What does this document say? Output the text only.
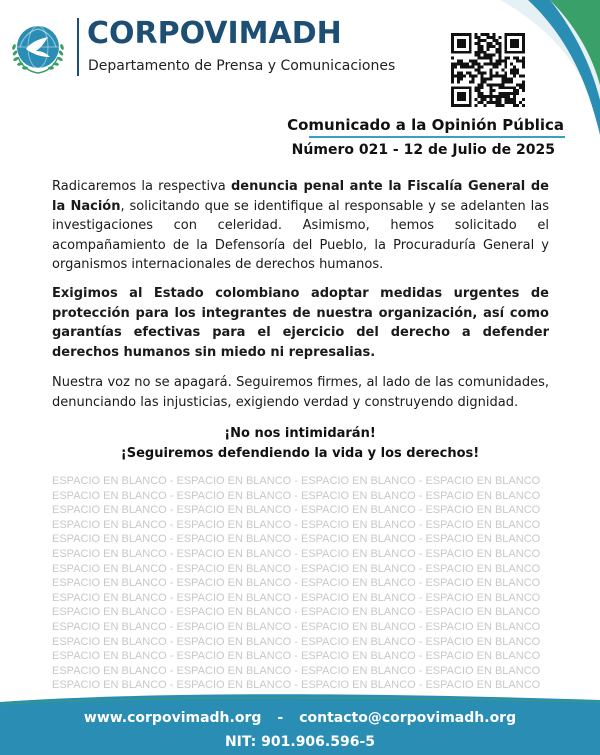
CORPOVIMADH
Departamento de Prensa y Comunicaciones
Comunicado a la Opinión Pública
Número 021 - 12 de Julio de 2025
Radicaremos la respectiva denuncia penal ante la Fiscalía General de la Nación, solicitando que se identifique al responsable y se adelanten las investigaciones con celeridad. Asimismo, hemos solicitado el acompañamiento de la Defensoría del Pueblo, la Procuraduría General y organismos internacionales de derechos humanos.
Exigimos al Estado colombiano adoptar medidas urgentes de protección para los integrantes de nuestra organización, así como garantías efectivas para el ejercicio del derecho a defender derechos humanos sin miedo ni represalias.
Nuestra voz no se apagará. Seguiremos firmes, al lado de las comunidades, denunciando las injusticias, exigiendo verdad y construyendo dignidad.
¡No nos intimidarán!
¡Seguiremos defendiendo la vida y los derechos!
ESPACIO EN BLANCO - ESPACIO EN BLANCO - ESPACIO EN BLANCO - ESPACIO EN BLANCO
ESPACIO EN BLANCO - ESPACIO EN BLANCO - ESPACIO EN BLANCO - ESPACIO EN BLANCO
ESPACIO EN BLANCO - ESPACIO EN BLANCO - ESPACIO EN BLANCO - ESPACIO EN BLANCO
ESPACIO EN BLANCO - ESPACIO EN BLANCO - ESPACIO EN BLANCO - ESPACIO EN BLANCO
ESPACIO EN BLANCO - ESPACIO EN BLANCO - ESPACIO EN BLANCO - ESPACIO EN BLANCO
ESPACIO EN BLANCO - ESPACIO EN BLANCO - ESPACIO EN BLANCO - ESPACIO EN BLANCO
ESPACIO EN BLANCO - ESPACIO EN BLANCO - ESPACIO EN BLANCO - ESPACIO EN BLANCO
ESPACIO EN BLANCO - ESPACIO EN BLANCO - ESPACIO EN BLANCO - ESPACIO EN BLANCO
ESPACIO EN BLANCO - ESPACIO EN BLANCO - ESPACIO EN BLANCO - ESPACIO EN BLANCO
ESPACIO EN BLANCO - ESPACIO EN BLANCO - ESPACIO EN BLANCO - ESPACIO EN BLANCO
ESPACIO EN BLANCO - ESPACIO EN BLANCO - ESPACIO EN BLANCO - ESPACIO EN BLANCO
ESPACIO EN BLANCO - ESPACIO EN BLANCO - ESPACIO EN BLANCO - ESPACIO EN BLANCO
ESPACIO EN BLANCO - ESPACIO EN BLANCO - ESPACIO EN BLANCO - ESPACIO EN BLANCO
ESPACIO EN BLANCO - ESPACIO EN BLANCO - ESPACIO EN BLANCO - ESPACIO EN BLANCO
ESPACIO EN BLANCO - ESPACIO EN BLANCO - ESPACIO EN BLANCO - ESPACIO EN BLANCO
www.corpovimadh.org - contacto@corpovimadh.org
NIT: 901.906.596-5
